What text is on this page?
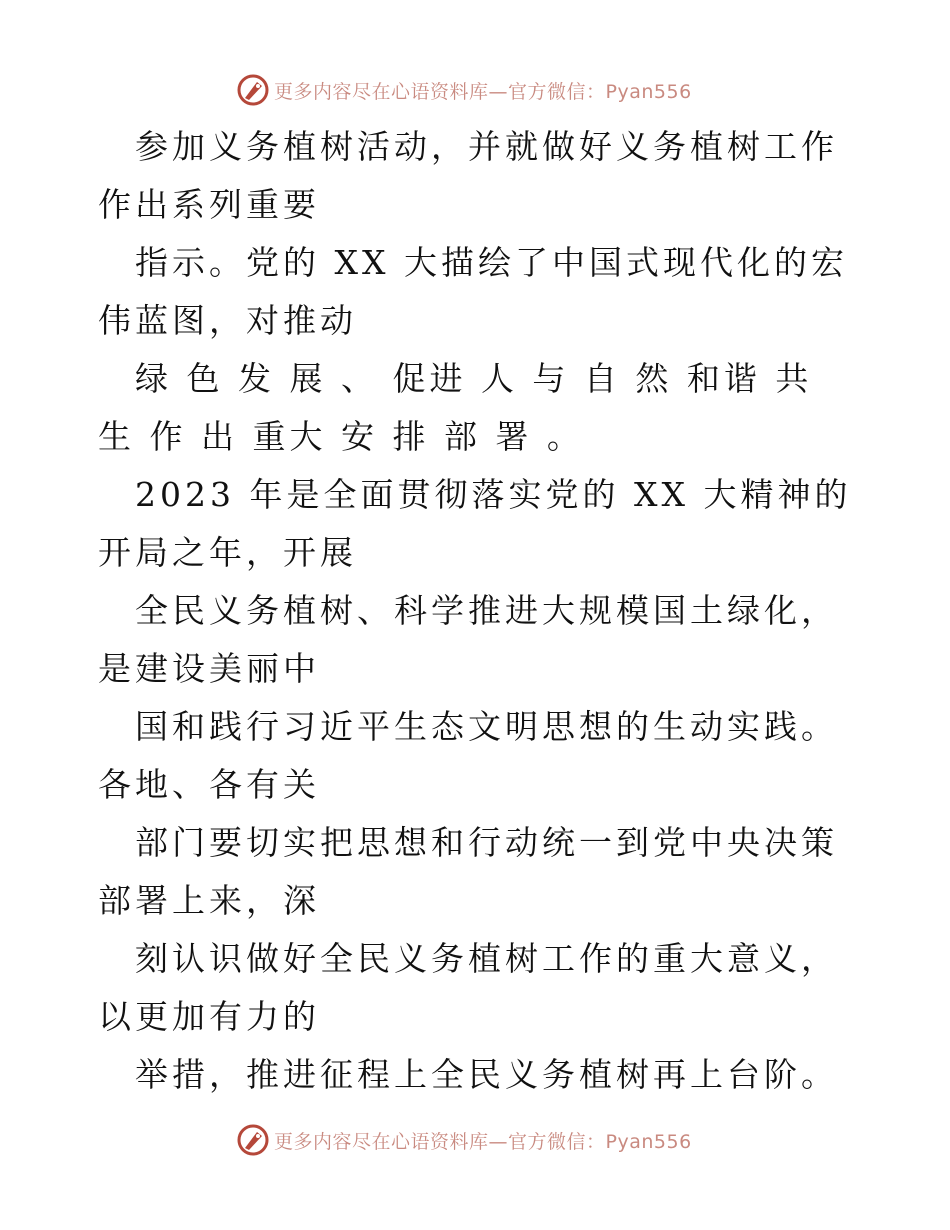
更多内容尽在心语资料库—官方微信：Pyan556

　参加义务植树活动，并就做好义务植树工作作出系列重要

　指示。党的 XX 大描绘了中国式现代化的宏伟蓝图，对推动

　绿 色 发 展 、 促进 人 与 自 然 和谐 共 生 作 出 重大 安 排 部 署 。

　2023 年是全面贯彻落实党的 XX 大精神的开局之年，开展

　全民义务植树、科学推进大规模国土绿化，是建设美丽中

　国和践行习近平生态文明思想的生动实践。各地、各有关

　部门要切实把思想和行动统一到党中央决策部署上来，深

　刻认识做好全民义务植树工作的重大意义，以更加有力的

　举措，推进征程上全民义务植树再上台阶。

更多内容尽在心语资料库—官方微信：Pyan556
